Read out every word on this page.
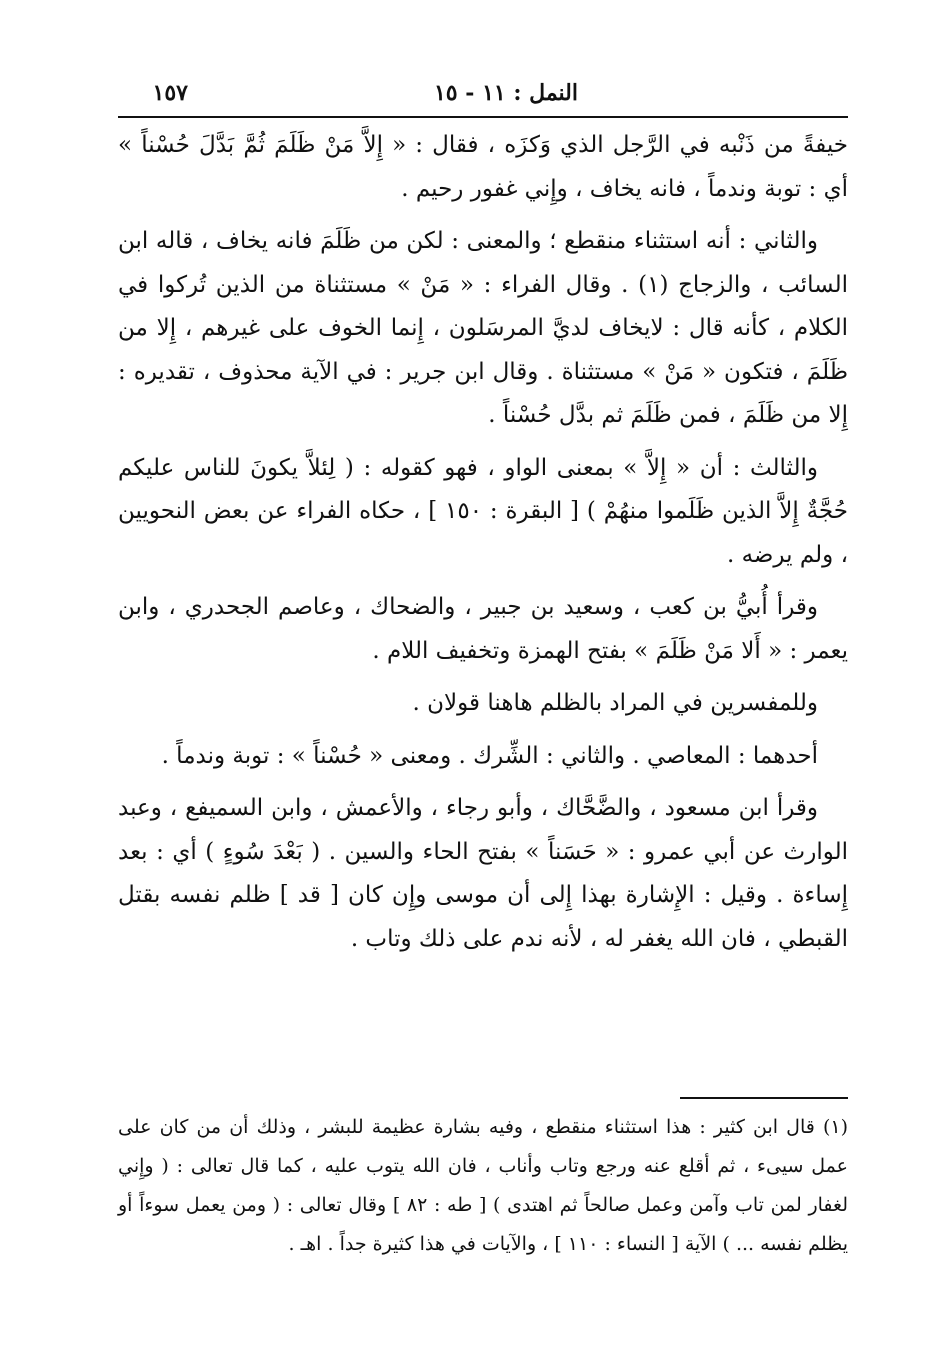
النمل : ١١ - ١٥
١٥٧

خيفةً من ذَنْبه في الرَّجل الذي وَكزَه ، فقال : « إِلاَّ مَنْ ظَلَمَ ثُمَّ بَدَّلَ حُسْناً » أي : توبة وندماً ، فانه يخاف ، وإِني غفور رحيم .

والثاني : أنه استثناء منقطع ؛ والمعنى : لكن من ظَلَمَ فانه يخاف ، قاله ابن السائب ، والزجاج (١) . وقال الفراء : « مَنْ » مستثناة من الذين تُركوا في الكلام ، كأنه قال : لايخاف لديَّ المرسَلون ، إِنما الخوف على غيرهم ، إِلا من ظَلَمَ ، فتكون « مَنْ » مستثناة . وقال ابن جرير : في الآية محذوف ، تقديره : إِلا من ظَلَمَ ، فمن ظَلَمَ ثم بدَّل حُسْناً .

والثالث : أن « إِلاَّ » بمعنى الواو ، فهو كقوله : ( لِئلاَّ يكونَ للناس عليكم حُجَّةٌ إِلاَّ الذين ظَلَموا منهُمْ ) [ البقرة : ١٥٠ ] ، حكاه الفراء عن بعض النحويين ، ولم يرضه .

وقرأ أُبيُّ بن كعب ، وسعيد بن جبير ، والضحاك ، وعاصم الجحدري ، وابن يعمر : « أَلا مَنْ ظَلَمَ » بفتح الهمزة وتخفيف اللام .

وللمفسرين في المراد بالظلم هاهنا قولان .

أحدهما : المعاصي . والثاني : الشِّرك . ومعنى « حُسْناً » : توبة وندماً .

وقرأ ابن مسعود ، والضَّحَّاك ، وأبو رجاء ، والأعمش ، وابن السميفع ، وعبد الوارث عن أبي عمرو : « حَسَناً » بفتح الحاء والسين . ( بَعْدَ سُوءٍ ) أي : بعد إِساءة . وقيل : الإِشارة بهذا إِلى أن موسى وإِن كان [ قد ] ظلم نفسه بقتل القبطي ، فان الله يغفر له ، لأنه ندم على ذلك وتاب .

(١) قال ابن كثير : هذا استثناء منقطع ، وفيه بشارة عظيمة للبشر ، وذلك أن من كان على عمل سيىء ، ثم أقلع عنه ورجع وتاب وأناب ، فان الله يتوب عليه ، كما قال تعالى : ( وإِني لغفار لمن تاب وآمن وعمل صالحاً ثم اهتدى ) [ طه : ٨٢ ] وقال تعالى : ( ومن يعمل سوءاً أو يظلم نفسه ... ) الآية [ النساء : ١١٠ ] ، والآيات في هذا كثيرة جداً . اهـ .
